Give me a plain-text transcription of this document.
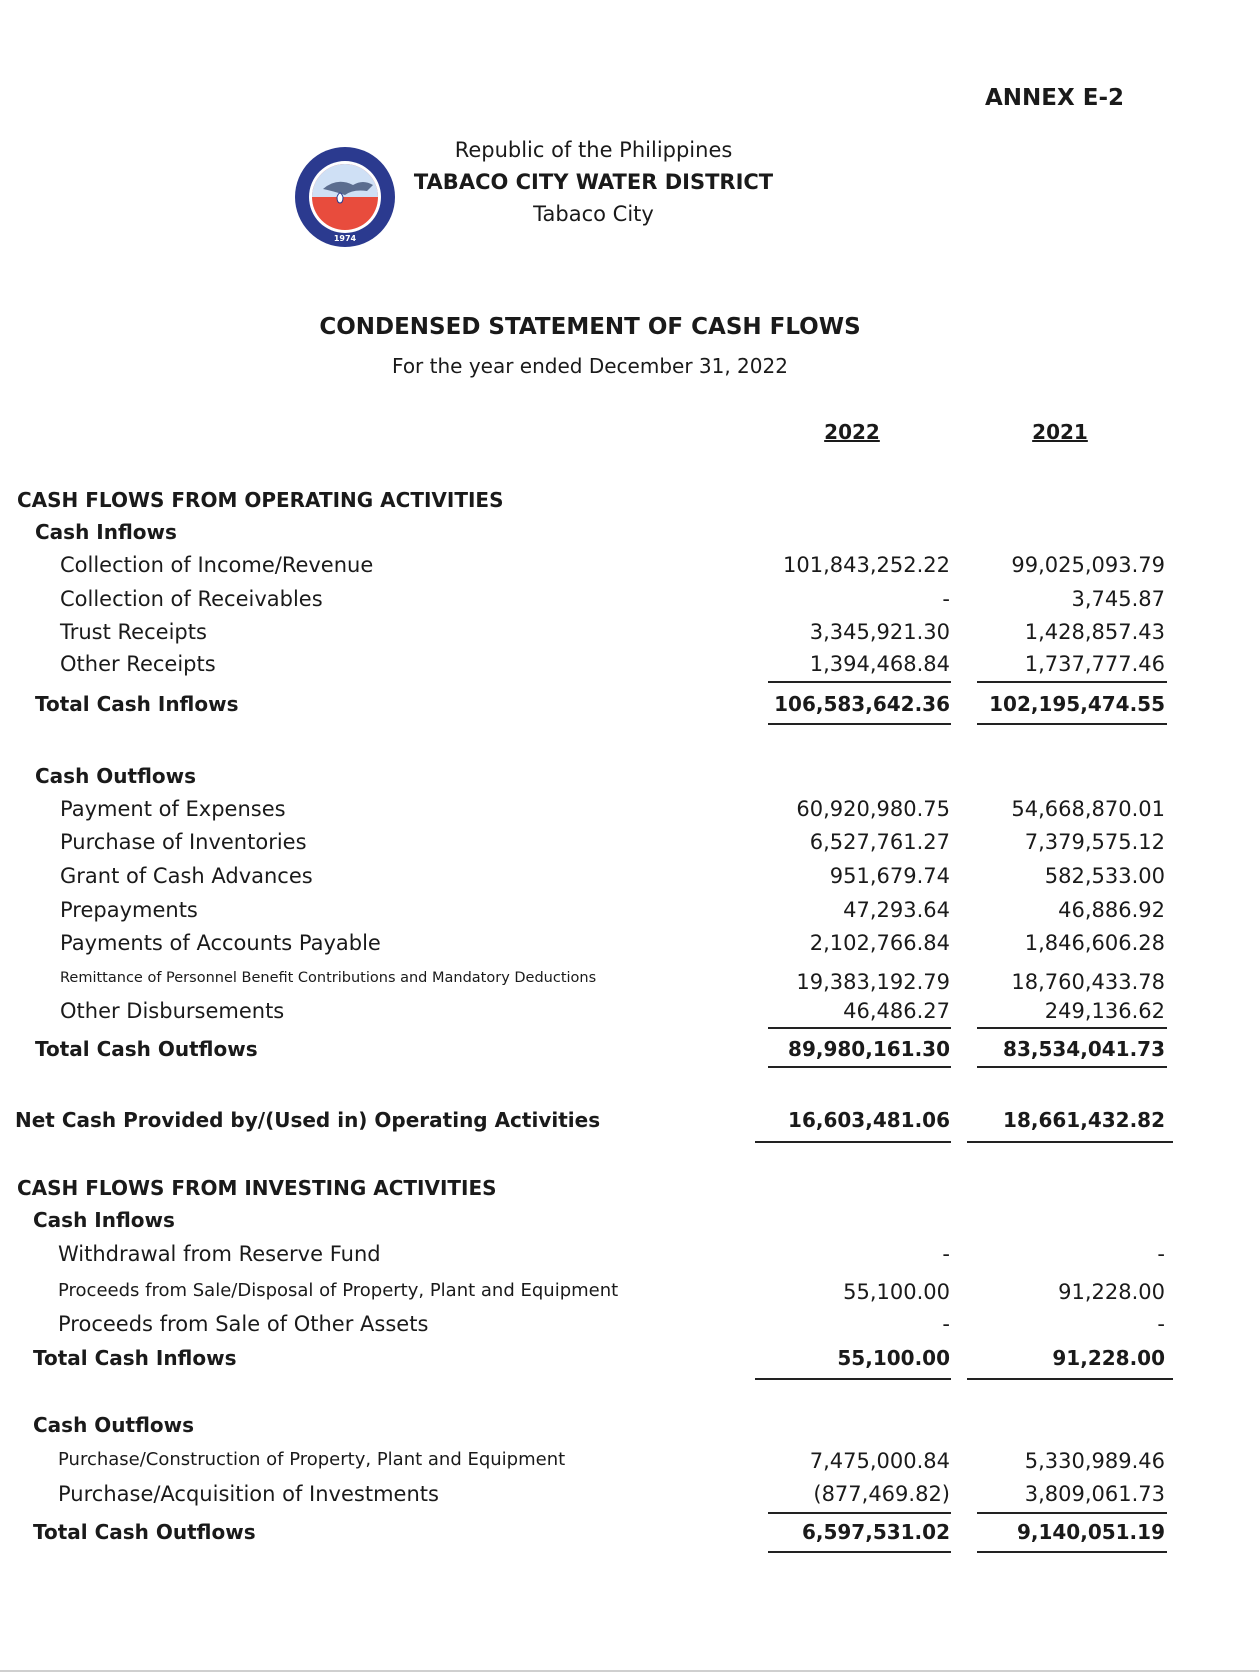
ANNEX E-2
1974
Republic of the Philippines
TABACO CITY WATER DISTRICT
Tabaco City
CONDENSED STATEMENT OF CASH FLOWS
For the year ended December 31, 2022
2022	2021
CASH FLOWS FROM OPERATING ACTIVITIES
Cash Inflows
Collection of Income/Revenue	101,843,252.22	99,025,093.79
Collection of Receivables	-	3,745.87
Trust Receipts	3,345,921.30	1,428,857.43
Other Receipts	1,394,468.84	1,737,777.46
Total Cash Inflows	106,583,642.36 102,195,474.55
Cash Outflows
Payment of Expenses	60,920,980.75	54,668,870.01
Purchase of Inventories	6,527,761.27	7,379,575.12
Grant of Cash Advances	951,679.74	582,533.00
Prepayments	47,293.64	46,886.92
Payments of Accounts Payable	2,102,766.84	1,846,606.28
Remittance of Personnel Benefit Contributions and Mandatory Deductions	19,383,192.79	18,760,433.78
Other Disbursements	46,486.27	249,136.62
Total Cash Outflows	89,980,161.30	83,534,041.73
Net Cash Provided by/(Used in) Operating Activities	16,603,481.06	18,661,432.82
CASH FLOWS FROM INVESTING ACTIVITIES
Cash Inflows
Withdrawal from Reserve Fund	-	-
Proceeds from Sale/Disposal of Property, Plant and Equipment	55,100.00	91,228.00
Proceeds from Sale of Other Assets	-	-
Total Cash Inflows	55,100.00	91,228.00
Cash Outflows
Purchase/Construction of Property, Plant and Equipment	7,475,000.84	5,330,989.46
Purchase/Acquisition of Investments	(877,469.82)	3,809,061.73
Total Cash Outflows	6,597,531.02	9,140,051.19
